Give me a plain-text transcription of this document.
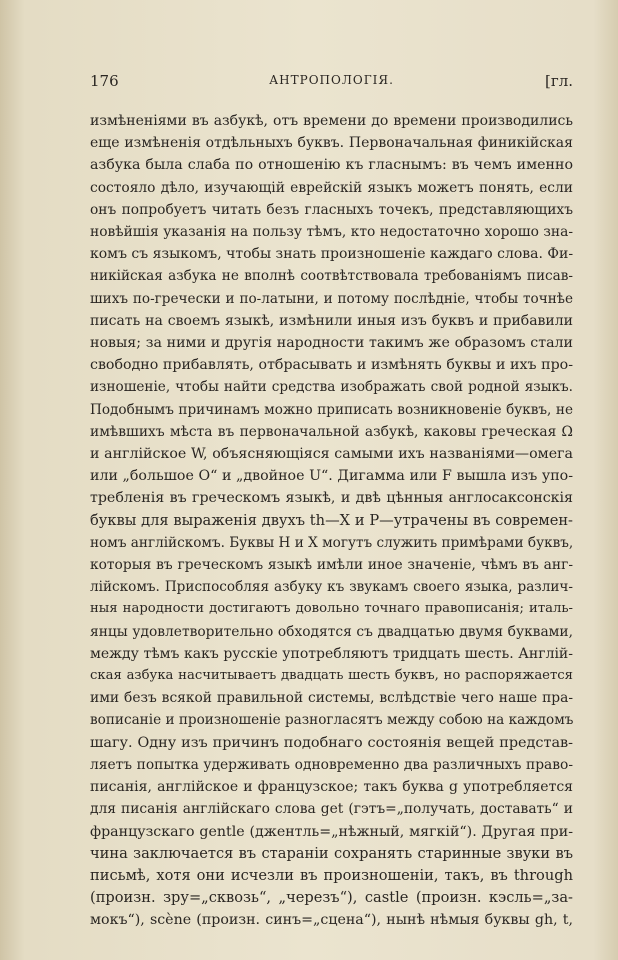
176	АНТРОПОЛОГІЯ.	[гл.
измѣненіями въ азбукѣ, отъ времени до времени производились
еще измѣненія отдѣльныхъ буквъ. Первоначальная финикійская
азбука была слаба по отношенію къ гласнымъ: въ чемъ именно
состояло дѣло, изучающій еврейскій языкъ можетъ понять, если
онъ попробуетъ читать безъ гласныхъ точекъ, представляющихъ
новѣйшія указанія на пользу тѣмъ, кто недостаточно хорошо зна-
комъ съ языкомъ, чтобы знать произношеніе каждаго слова. Фи-
никійская азбука не вполнѣ соотвѣтствовала требованіямъ писав-
шихъ по-гречески и по-латыни, и потому послѣдніе, чтобы точнѣе
писать на своемъ языкѣ, измѣнили иныя изъ буквъ и прибавили
новыя; за ними и другія народности такимъ же образомъ стали
свободно прибавлять, отбрасывать и измѣнять буквы и ихъ про-
изношеніе, чтобы найти средства изображать свой родной языкъ.
Подобнымъ причинамъ можно приписать возникновеніе буквъ, не
имѣвшихъ мѣста въ первоначальной азбукѣ, каковы греческая Ω
и англійское W, объясняющіяся самыми ихъ названіями—омега
или „большое О“ и „двойное U“. Дигамма или F вышла изъ упо-
требленія въ греческомъ языкѣ, и двѣ цѣнныя англосаксонскія
буквы для выраженія двухъ th—X и P—утрачены въ современ-
номъ англійскомъ. Буквы H и X могутъ служить примѣрами буквъ,
которыя въ греческомъ языкѣ имѣли иное значеніе, чѣмъ въ анг-
лійскомъ. Приспособляя азбуку къ звукамъ своего языка, различ-
ныя народности достигаютъ довольно точнаго правописанія; италь-
янцы удовлетворительно обходятся съ двадцатью двумя буквами,
между тѣмъ какъ русскіе употребляютъ тридцать шесть. Англій-
ская азбука насчитываетъ двадцать шесть буквъ, но распоряжается
ими безъ всякой правильной системы, вслѣдствіе чего наше пра-
вописаніе и произношеніе разногласятъ между собою на каждомъ
шагу. Одну изъ причинъ подобнаго состоянія вещей представ-
ляетъ попытка удерживать одновременно два различныхъ право-
писанія, англійское и французское; такъ буква g употребляется
для писанія англійскаго слова get (гэтъ=„получать, доставать“ и
французскаго gentle (джентль=„нѣжный, мягкій“). Другая при-
чина заключается въ стараніи сохранять старинные звуки въ
письмѣ, хотя они исчезли въ произношеніи, такъ, въ through
(произн. зру=„сквозь“, „черезъ“), castle (произн. кэсль=„за-
мокъ“), scène (произн. синъ=„сцена“), нынѣ нѣмыя буквы gh, t,
